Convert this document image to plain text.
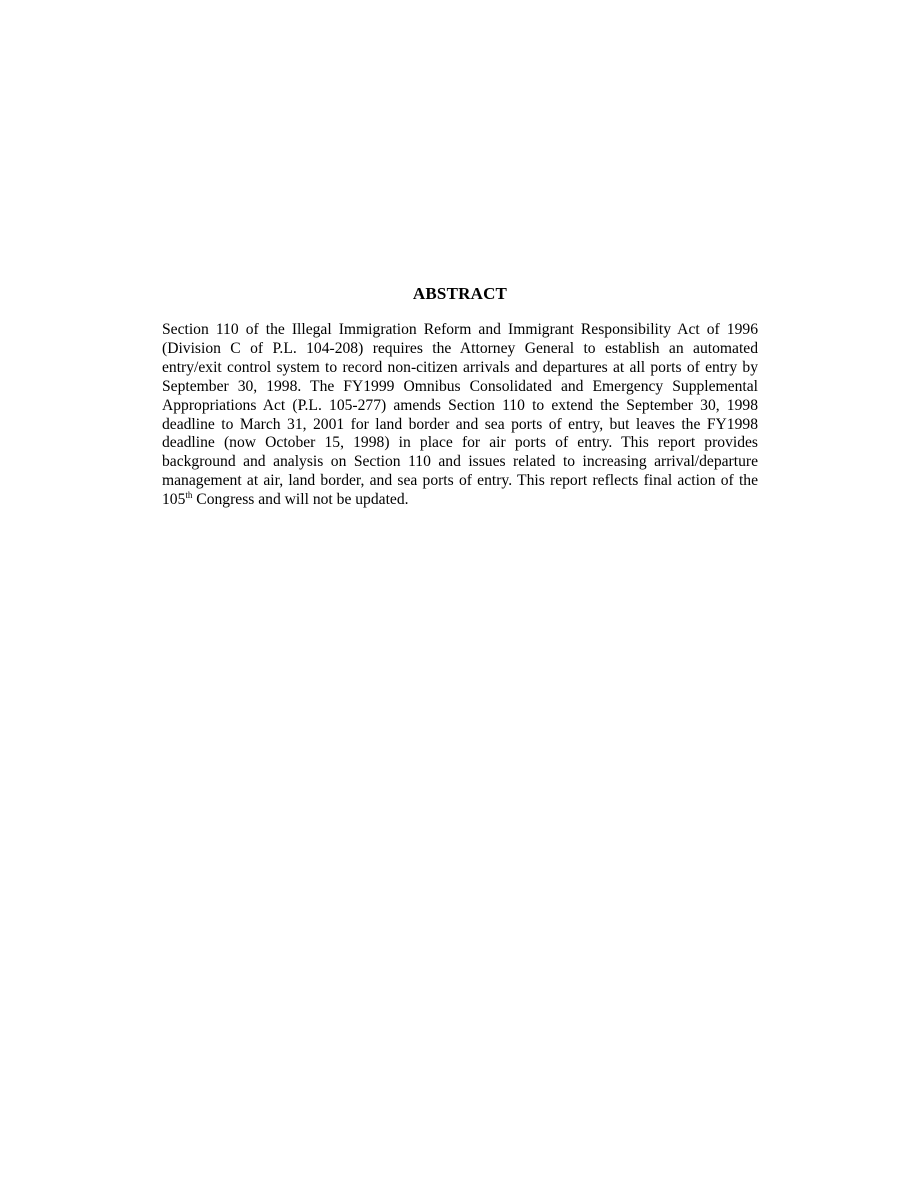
ABSTRACT
Section 110 of the Illegal Immigration Reform and Immigrant Responsibility Act of 1996
(Division C of P.L. 104-208) requires the Attorney General to establish an automated
entry/exit control system to record non-citizen arrivals and departures at all ports of entry by
September 30, 1998. The FY1999 Omnibus Consolidated and Emergency Supplemental
Appropriations Act (P.L. 105-277) amends Section 110 to extend the September 30, 1998
deadline to March 31, 2001 for land border and sea ports of entry, but leaves the FY1998
deadline (now October 15, 1998) in place for air ports of entry. This report provides
background and analysis on Section 110 and issues related to increasing arrival/departure
management at air, land border, and sea ports of entry. This report reflects final action of the
105th Congress and will not be updated.
